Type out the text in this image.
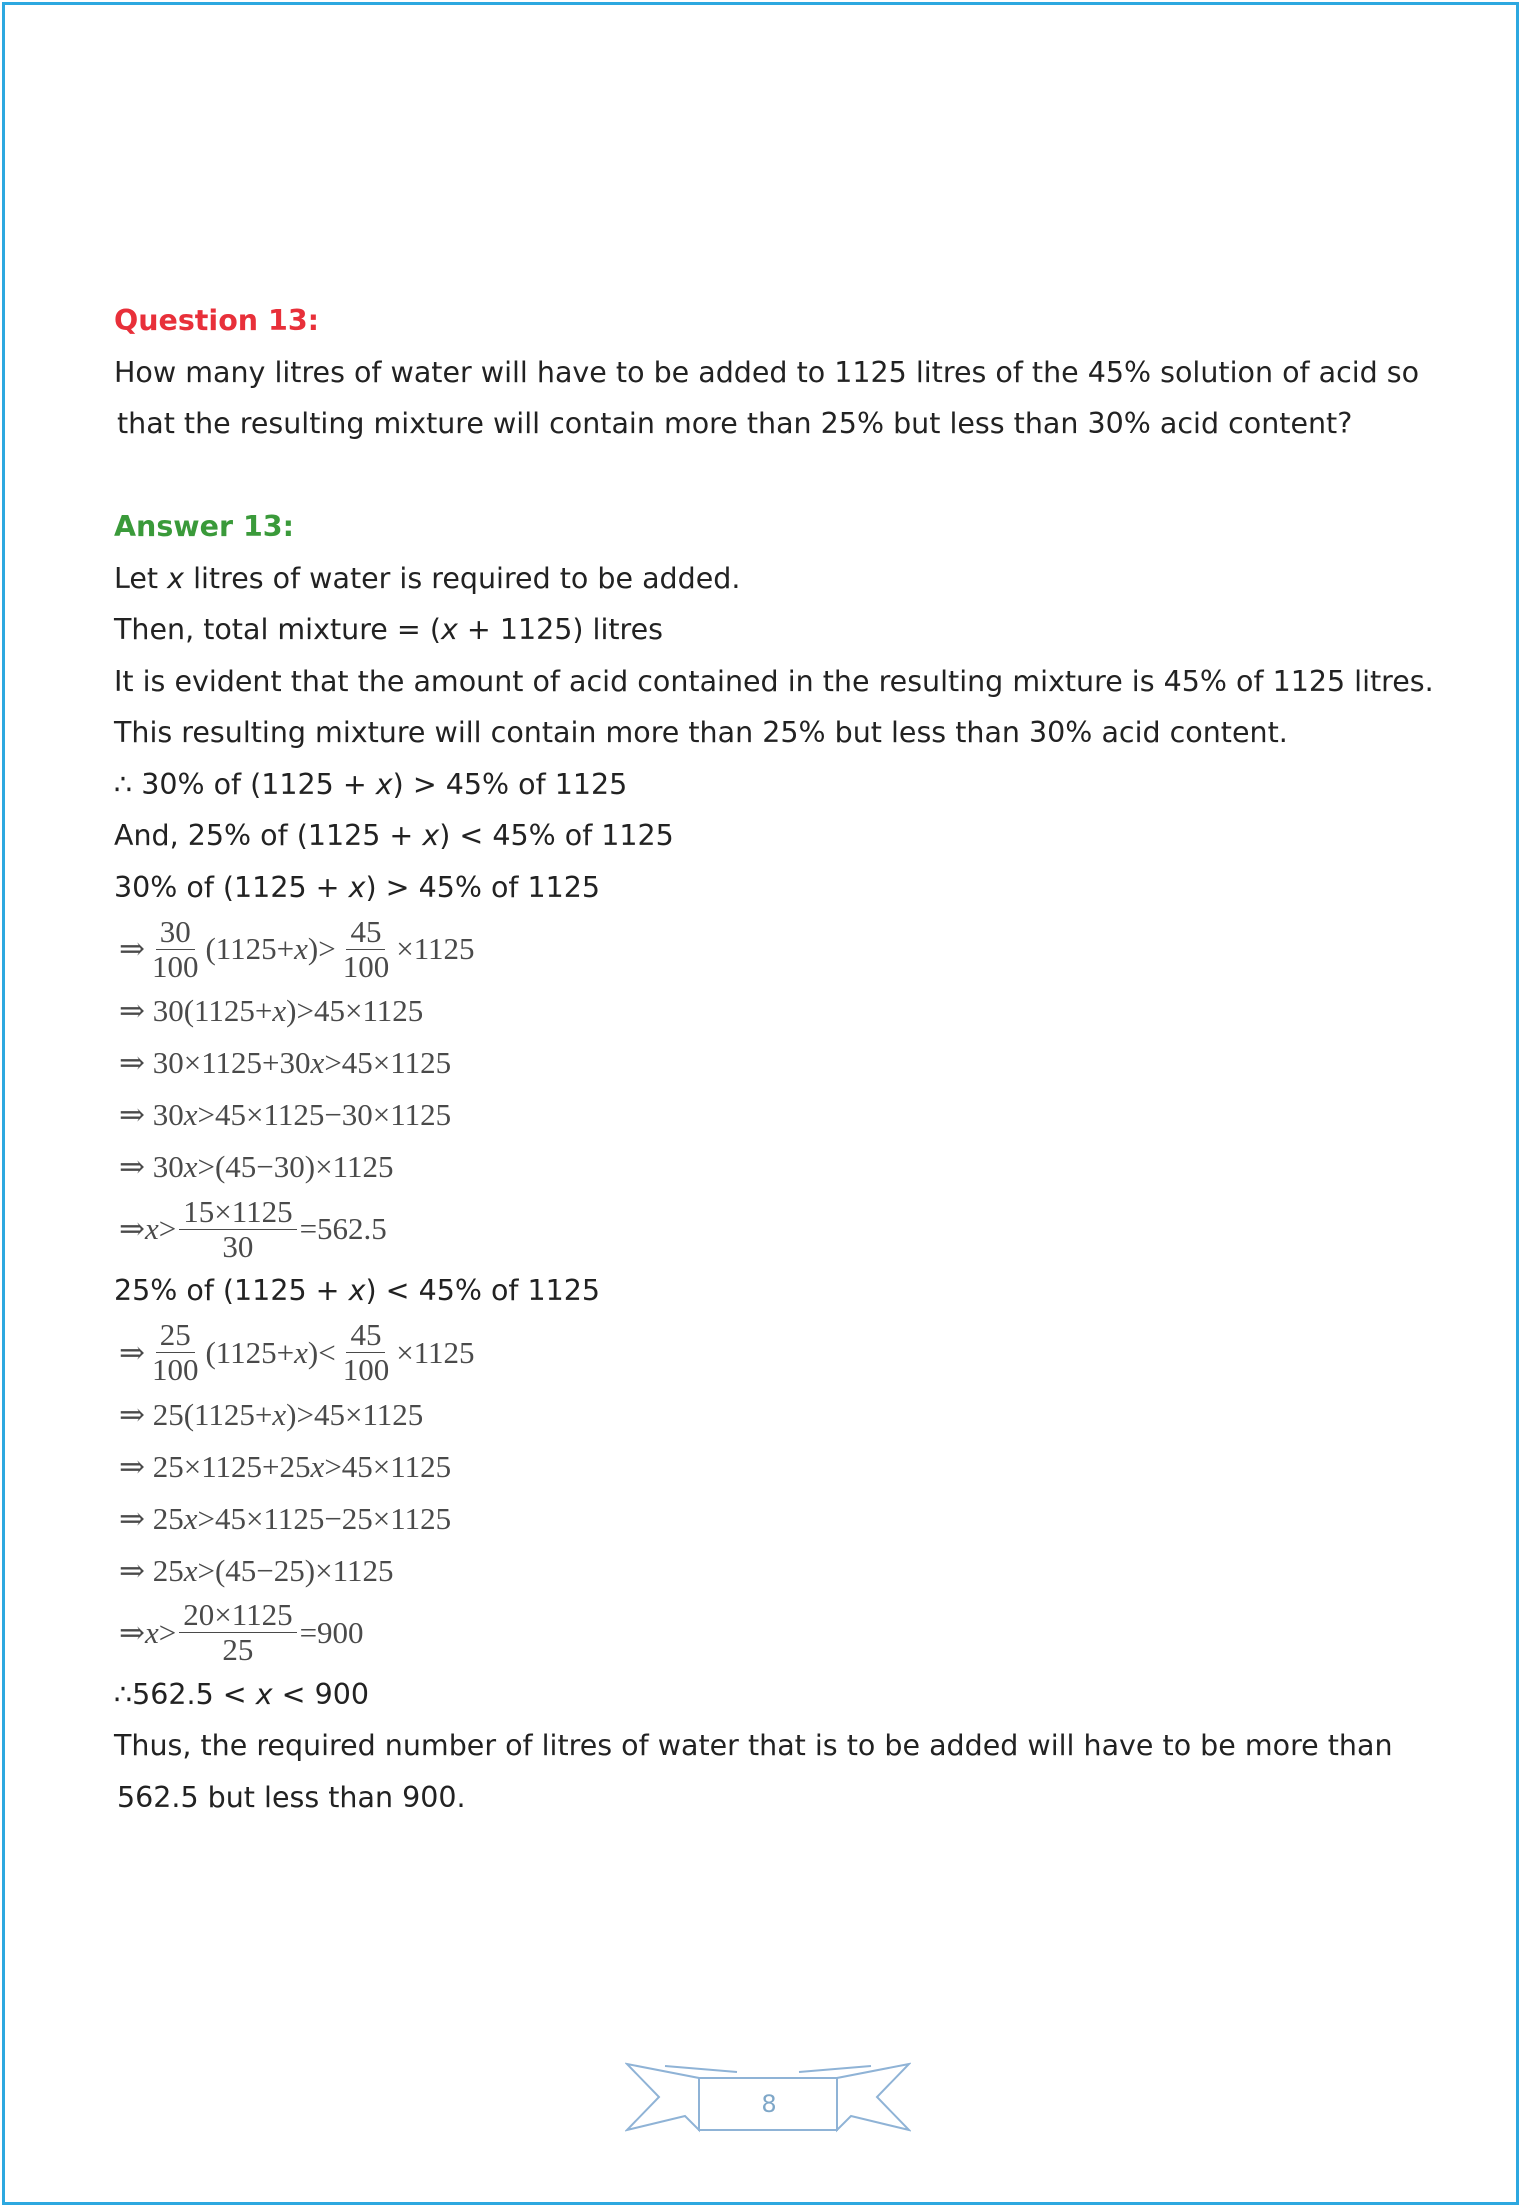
Question 13:
How many litres of water will have to be added to 1125 litres of the 45% solution of acid so
that the resulting mixture will contain more than 25% but less than 30% acid content?
Answer 13:
Let x litres of water is required to be added.
Then, total mixture = (x + 1125) litres
It is evident that the amount of acid contained in the resulting mixture is 45% of 1125 litres.
This resulting mixture will contain more than 25% but less than 30% acid content.
∴ 30% of (1125 + x) > 45% of 1125
And, 25% of (1125 + x) < 45% of 1125
30% of (1125 + x) > 45% of 1125
⇒ $\frac{30}{100} (1125+ x$ )> $\frac{45}{100} \times 1125$
⇒ 30(1125+ x )>45×1125
⇒ 30×1125+30 x >45×1125
⇒ 30 x >45×1125−30×1125
⇒ 30 x >(45−30)×1125
⇒ $x > \frac{15\times 1125}{30} =562.5$
25% of (1125 + x) < 45% of 1125
⇒ $\frac{25}{100} (1125+ x$ )< $\frac{45}{100} \times 1125$
⇒ 25(1125+ x )>45×1125
⇒ 25×1125+25 x >45×1125
⇒ 25 x >45×1125−25×1125
⇒ 25 x >(45−25)×1125
⇒ $x > \frac{20\times 1125}{25} =900$
∴562.5 < x < 900
Thus, the required number of litres of water that is to be added will have to be more than
562.5 but less than 900.
8
